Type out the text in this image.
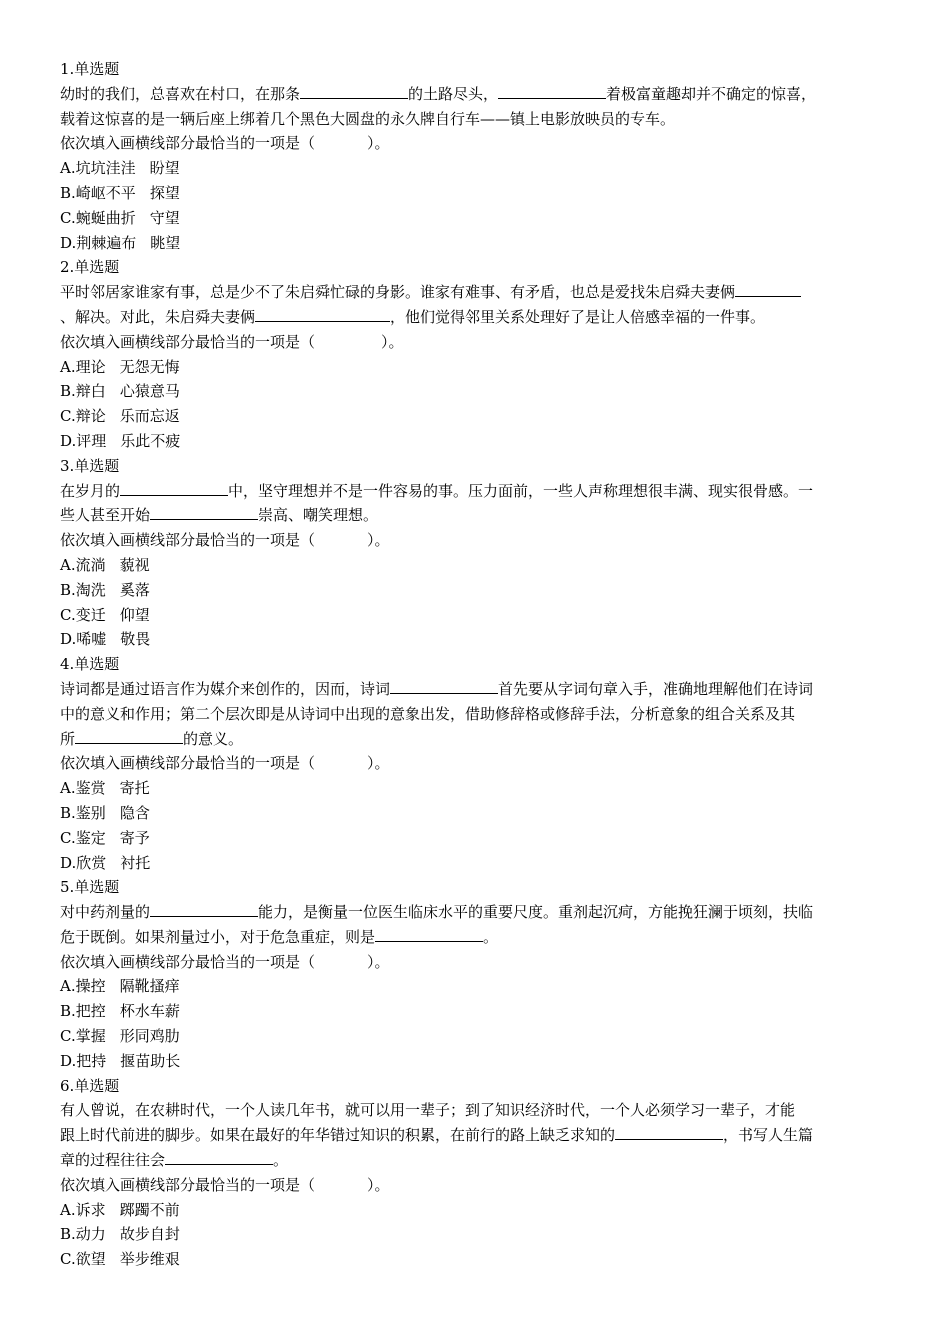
1.单选题
幼时的我们，总喜欢在村口，在那条	的土路尽头，	着极富童趣却并不确定的惊喜，
载着这惊喜的是一辆后座上绑着几个黑色大圆盘的永久牌自行车——镇上电影放映员的专车。
依次填入画横线部分最恰当的一项是（	）。
A.坑坑洼洼 盼望
B.崎岖不平 探望
C.蜿蜒曲折 守望
D.荆棘遍布 眺望
2.单选题
平时邻居家谁家有事，总是少不了朱启舜忙碌的身影。谁家有难事、有矛盾，也总是爱找朱启舜夫妻俩
、解决。对此，朱启舜夫妻俩	，他们觉得邻里关系处理好了是让人倍感幸福的一件事。
依次填入画横线部分最恰当的一项是（	）。
A.理论 无怨无悔
B.辩白 心猿意马
C.辩论 乐而忘返
D.评理 乐此不疲
3.单选题
在岁月的	中，坚守理想并不是一件容易的事。压力面前，一些人声称理想很丰满、现实很骨感。一
些人甚至开始	崇高、嘲笑理想。
依次填入画横线部分最恰当的一项是（	）。
A.流淌 藐视
B.淘洗 奚落
C.变迁 仰望
D.唏嘘 敬畏
4.单选题
诗词都是通过语言作为媒介来创作的，因而，诗词	首先要从字词句章入手，准确地理解他们在诗词
中的意义和作用；第二个层次即是从诗词中出现的意象出发，借助修辞格或修辞手法，分析意象的组合关系及其
所	的意义。
依次填入画横线部分最恰当的一项是（	）。
A.鉴赏 寄托
B.鉴别 隐含
C.鉴定 寄予
D.欣赏 衬托
5.单选题
对中药剂量的	能力，是衡量一位医生临床水平的重要尺度。重剂起沉疴，方能挽狂澜于顷刻，扶临
危于既倒。如果剂量过小，对于危急重症，则是	。
依次填入画横线部分最恰当的一项是（	）。
A.操控 隔靴搔痒
B.把控 杯水车薪
C.掌握 形同鸡肋
D.把持 揠苗助长
6.单选题
有人曾说，在农耕时代，一个人读几年书，就可以用一辈子；到了知识经济时代，一个人必须学习一辈子，才能
跟上时代前进的脚步。如果在最好的年华错过知识的积累，在前行的路上缺乏求知的	，书写人生篇
章的过程往往会	。
依次填入画横线部分最恰当的一项是（	）。
A.诉求 踯躅不前
B.动力 故步自封
C.欲望 举步维艰
